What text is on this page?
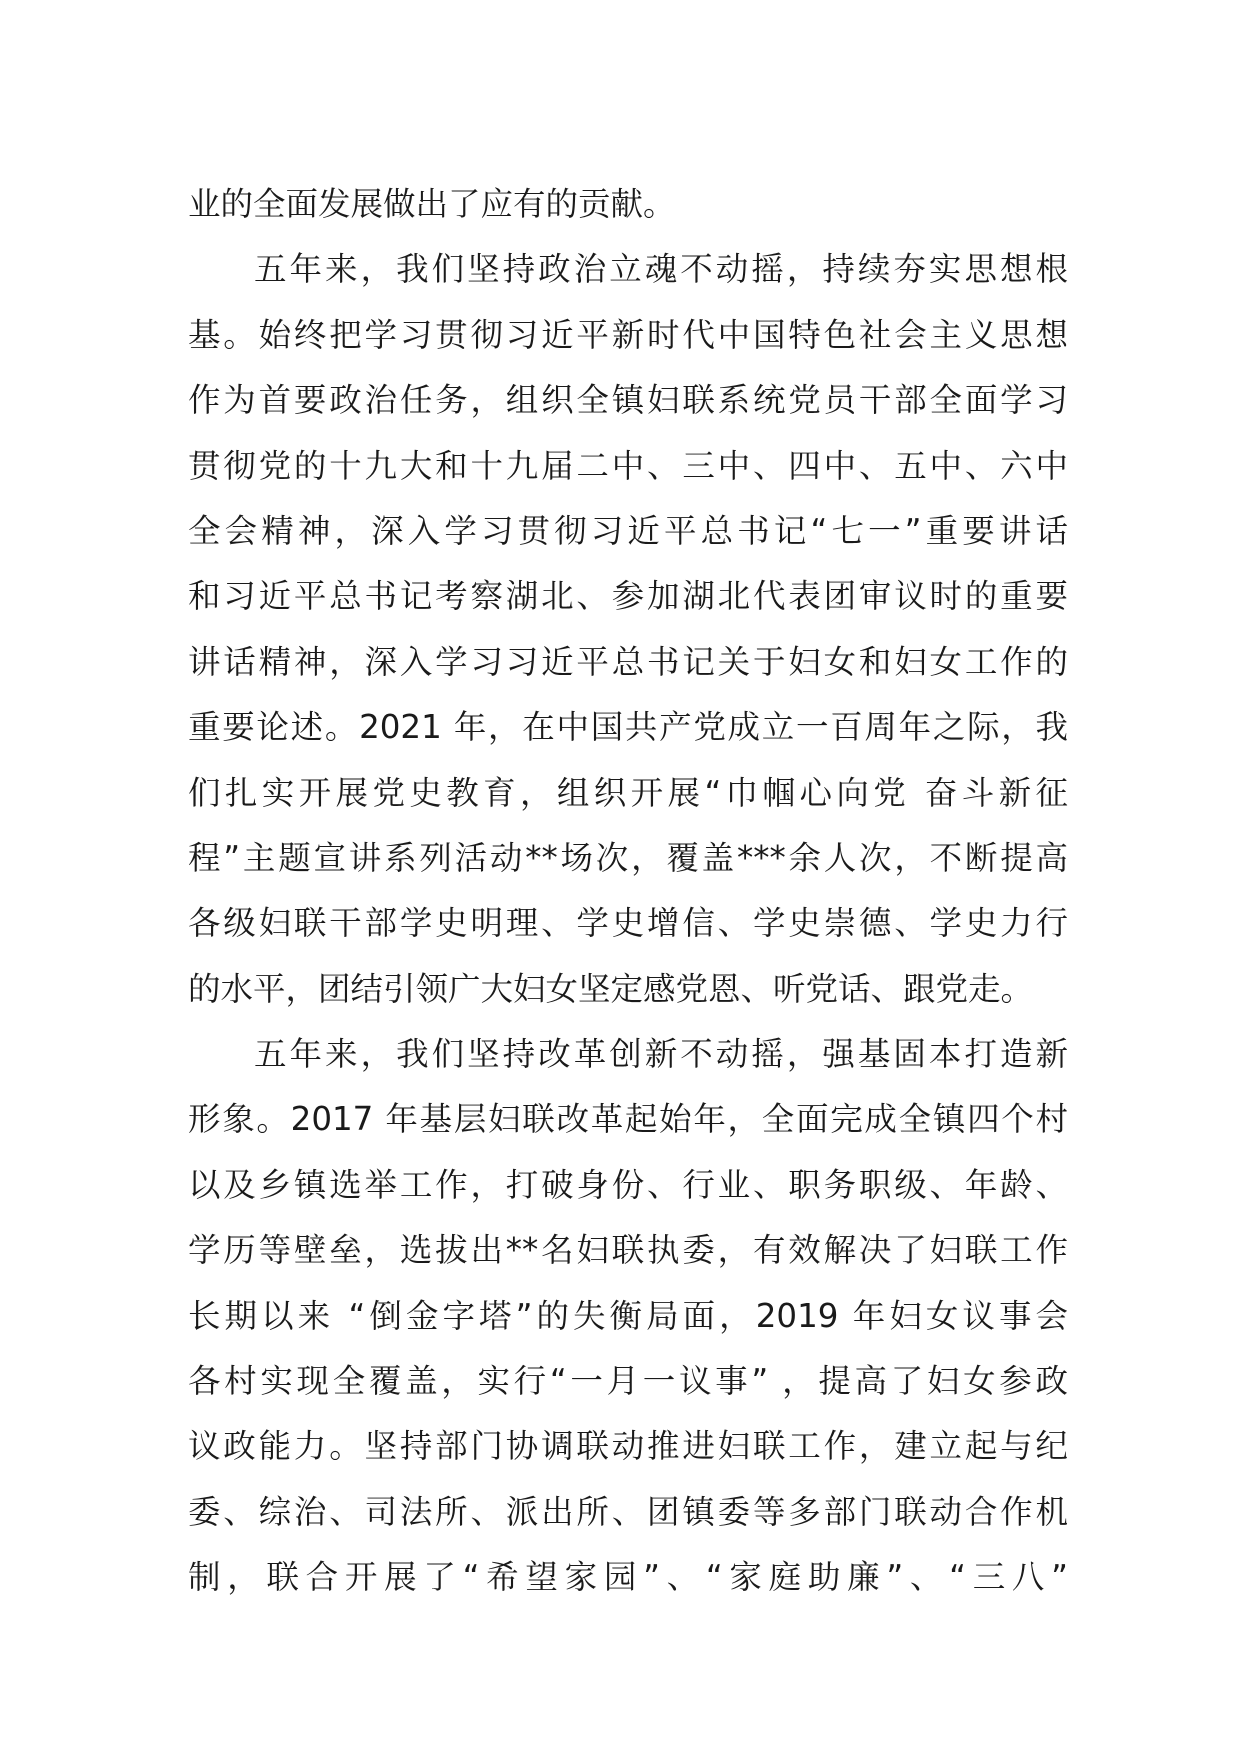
业的全面发展做出了应有的贡献。
五年来，我们坚持政治立魂不动摇，持续夯实思想根
基。始终把学习贯彻习近平新时代中国特色社会主义思想
作为首要政治任务，组织全镇妇联系统党员干部全面学习
贯彻党的十九大和十九届二中、三中、四中、五中、六中
全会精神，深入学习贯彻习近平总书记“七一”重要讲话
和习近平总书记考察湖北、参加湖北代表团审议时的重要
讲话精神，深入学习习近平总书记关于妇女和妇女工作的
重要论述。2021 年，在中国共产党成立一百周年之际，我
们扎实开展党史教育，组织开展“巾帼心向党 奋斗新征
程”主题宣讲系列活动**场次，覆盖***余人次，不断提高
各级妇联干部学史明理、学史增信、学史崇德、学史力行
的水平，团结引领广大妇女坚定感党恩、听党话、跟党走。
五年来，我们坚持改革创新不动摇，强基固本打造新
形象。2017 年基层妇联改革起始年，全面完成全镇四个村
以及乡镇选举工作，打破身份、行业、职务职级、年龄、
学历等壁垒，选拔出**名妇联执委，有效解决了妇联工作
长期以来 “倒金字塔”的失衡局面，2019 年妇女议事会
各村实现全覆盖，实行“一月一议事” ，提高了妇女参政
议政能力。坚持部门协调联动推进妇联工作，建立起与纪
委、综治、司法所、派出所、团镇委等多部门联动合作机
制，联合开展了“希望家园”、“家庭助廉”、“三八”
